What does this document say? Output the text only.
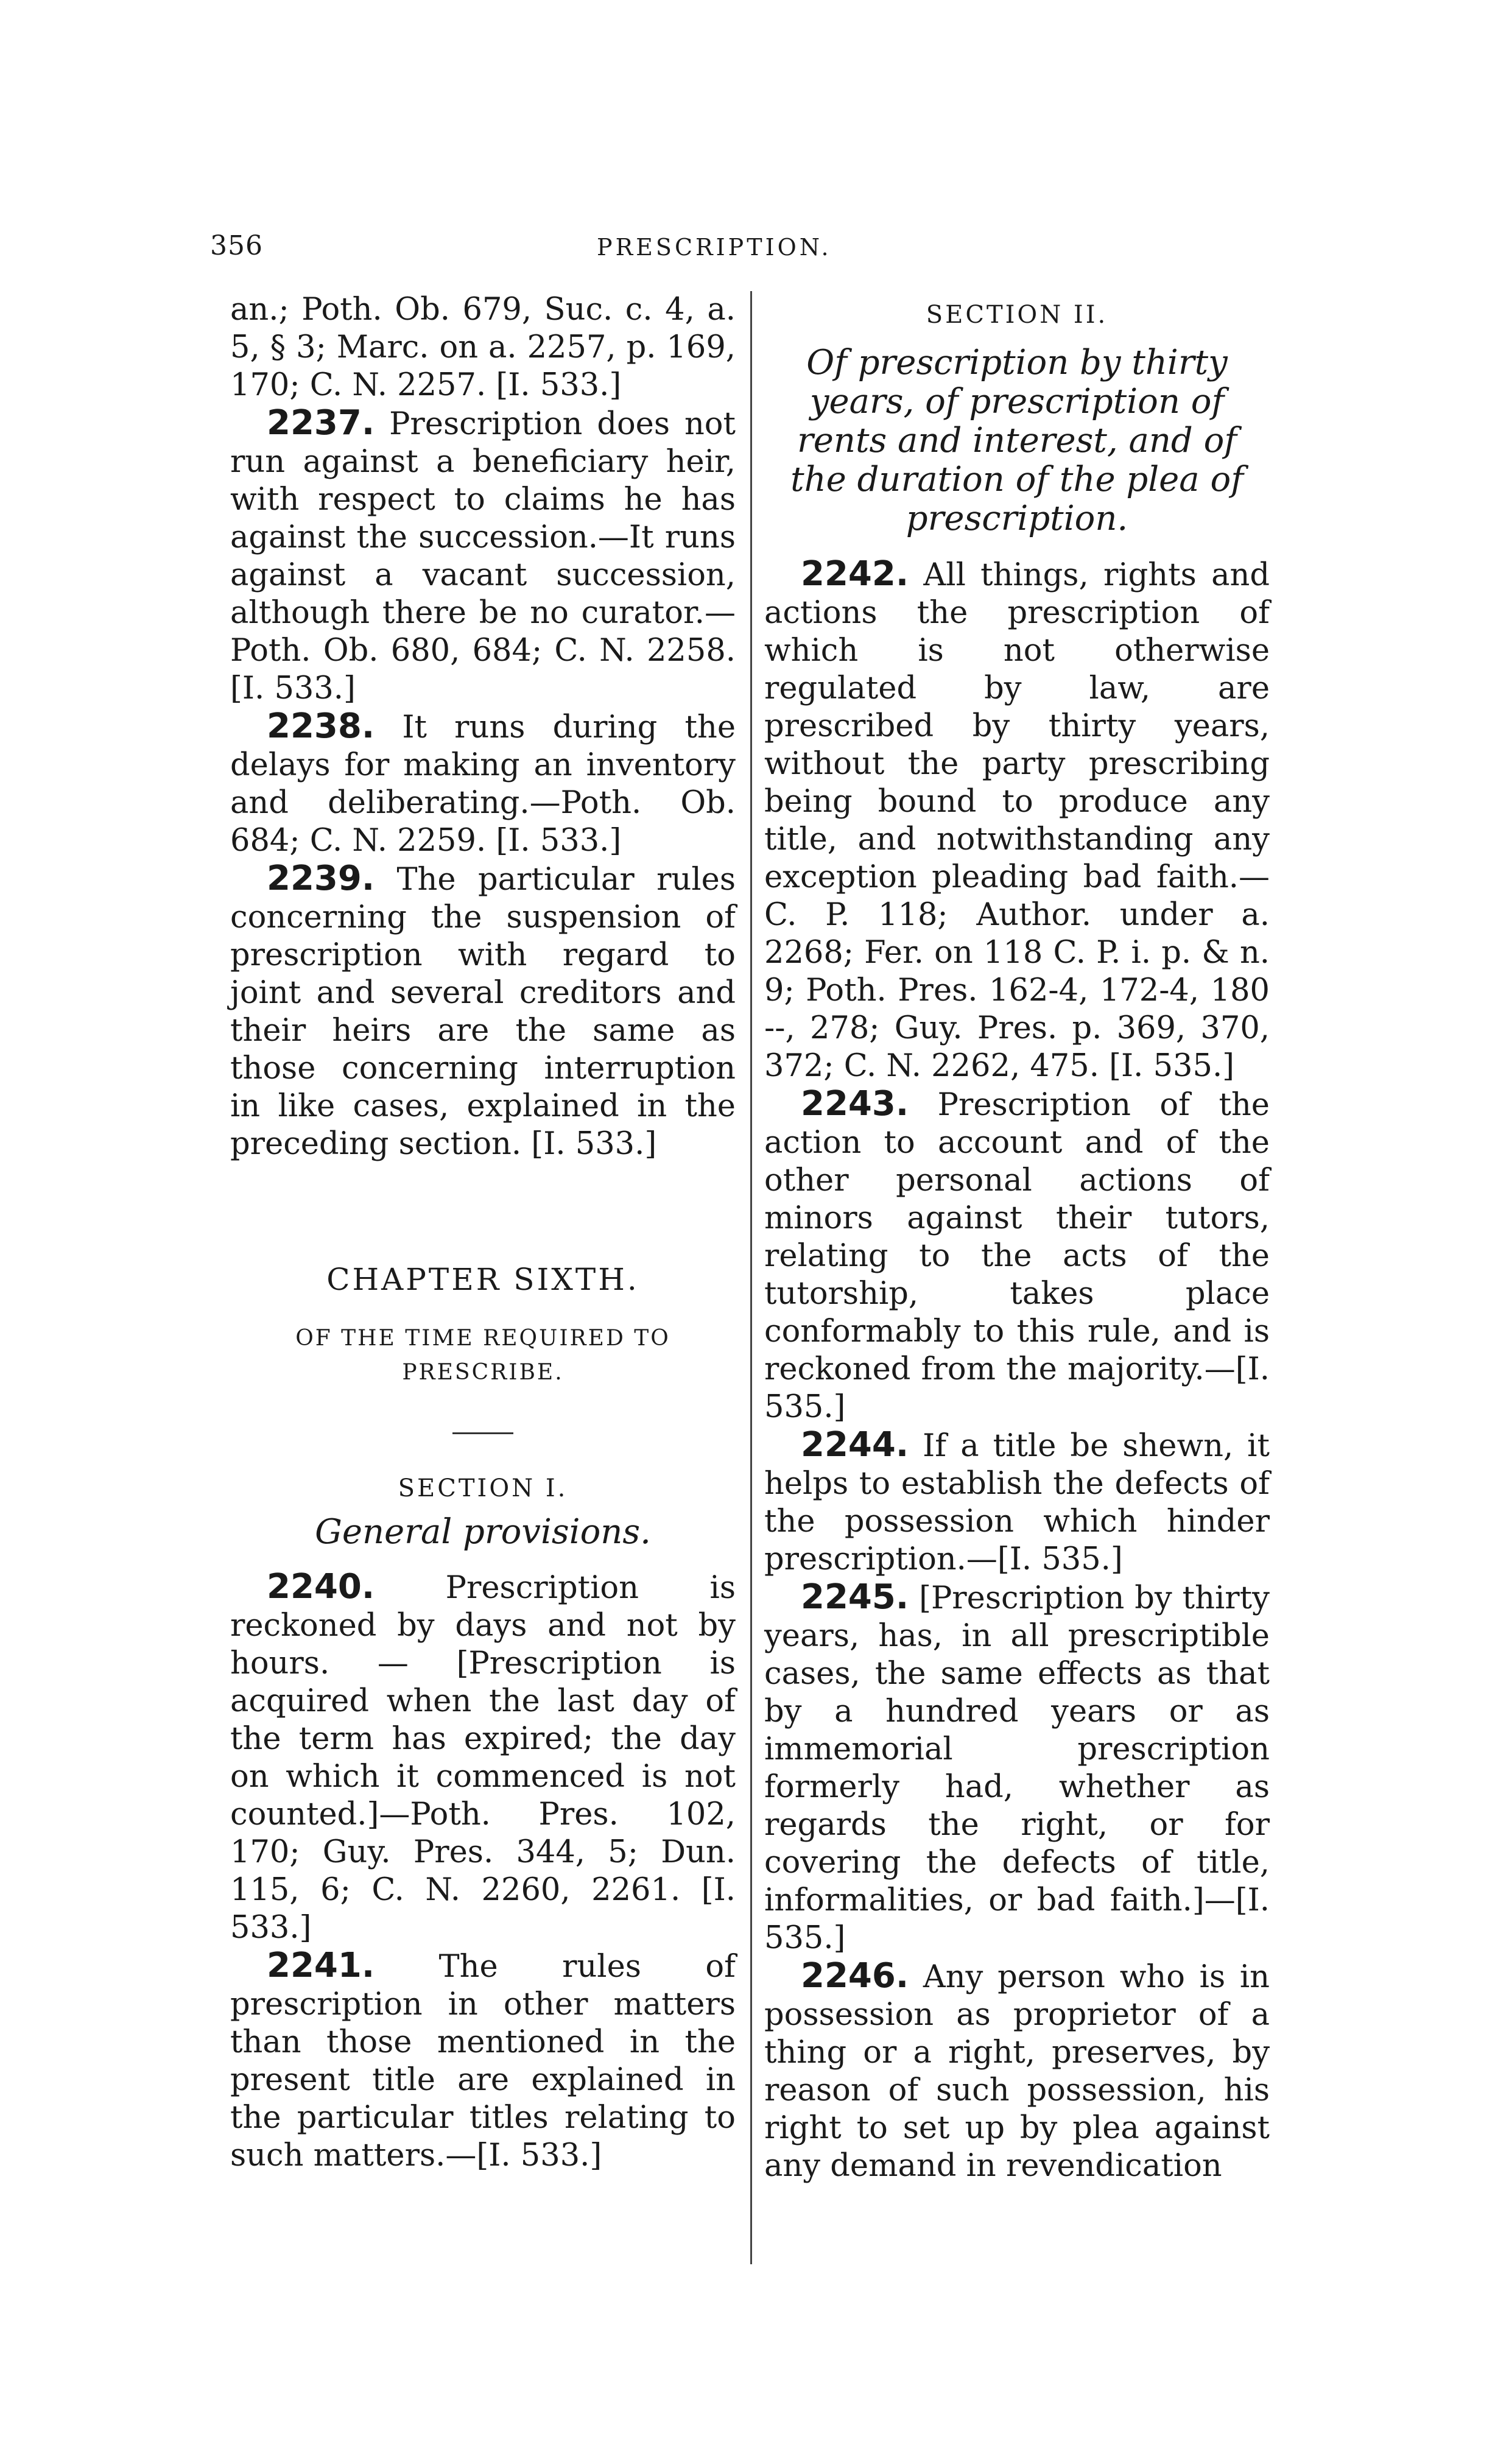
356	PRESCRIPTION.

an.; Poth. Ob. 679, Suc. c. 4, a. 5, § 3; Marc. on a. 2257, p. 169, 170; C. N. 2257. [I. 533.]

2237. Prescription does not run against a beneficiary heir, with respect to claims he has against the succession.—It runs against a vacant succession, although there be no curator.—Poth. Ob. 680, 684; C. N. 2258. [I. 533.]

2238. It runs during the delays for making an inventory and deliberating.—Poth. Ob. 684; C. N. 2259. [I. 533.]

2239. The particular rules concerning the suspension of prescription with regard to joint and several creditors and their heirs are the same as those concerning interruption in like cases, explained in the preceding section. [I. 533.]

CHAPTER SIXTH.

OF THE TIME REQUIRED TO PRESCRIBE.

SECTION I.

General provisions.

2240. Prescription is reckoned by days and not by hours. — [Prescription is acquired when the last day of the term has expired; the day on which it commenced is not counted.]—Poth. Pres. 102, 170; Guy. Pres. 344, 5; Dun. 115, 6; C. N. 2260, 2261. [I. 533.]

2241. The rules of prescription in other matters than those mentioned in the present title are explained in the particular titles relating to such matters.—[I. 533.]

SECTION II.

Of prescription by thirty years, of prescription of rents and interest, and of the duration of the plea of prescription.

2242. All things, rights and actions the prescription of which is not otherwise regulated by law, are prescribed by thirty years, without the party prescribing being bound to produce any title, and notwithstanding any exception pleading bad faith.—C. P. 118; Author. under a. 2268; Fer. on 118 C. P. i. p. & n. 9; Poth. Pres. 162-4, 172-4, 180 --, 278; Guy. Pres. p. 369, 370, 372; C. N. 2262, 475. [I. 535.]

2243. Prescription of the action to account and of the other personal actions of minors against their tutors, relating to the acts of the tutorship, takes place conformably to this rule, and is reckoned from the majority.—[I. 535.]

2244. If a title be shewn, it helps to establish the defects of the possession which hinder prescription.—[I. 535.]

2245. [Prescription by thirty years, has, in all prescriptible cases, the same effects as that by a hundred years or as immemorial prescription formerly had, whether as regards the right, or for covering the defects of title, informalities, or bad faith.]—[I. 535.]

2246. Any person who is in possession as proprietor of a thing or a right, preserves, by reason of such possession, his right to set up by plea against any demand in revendication
